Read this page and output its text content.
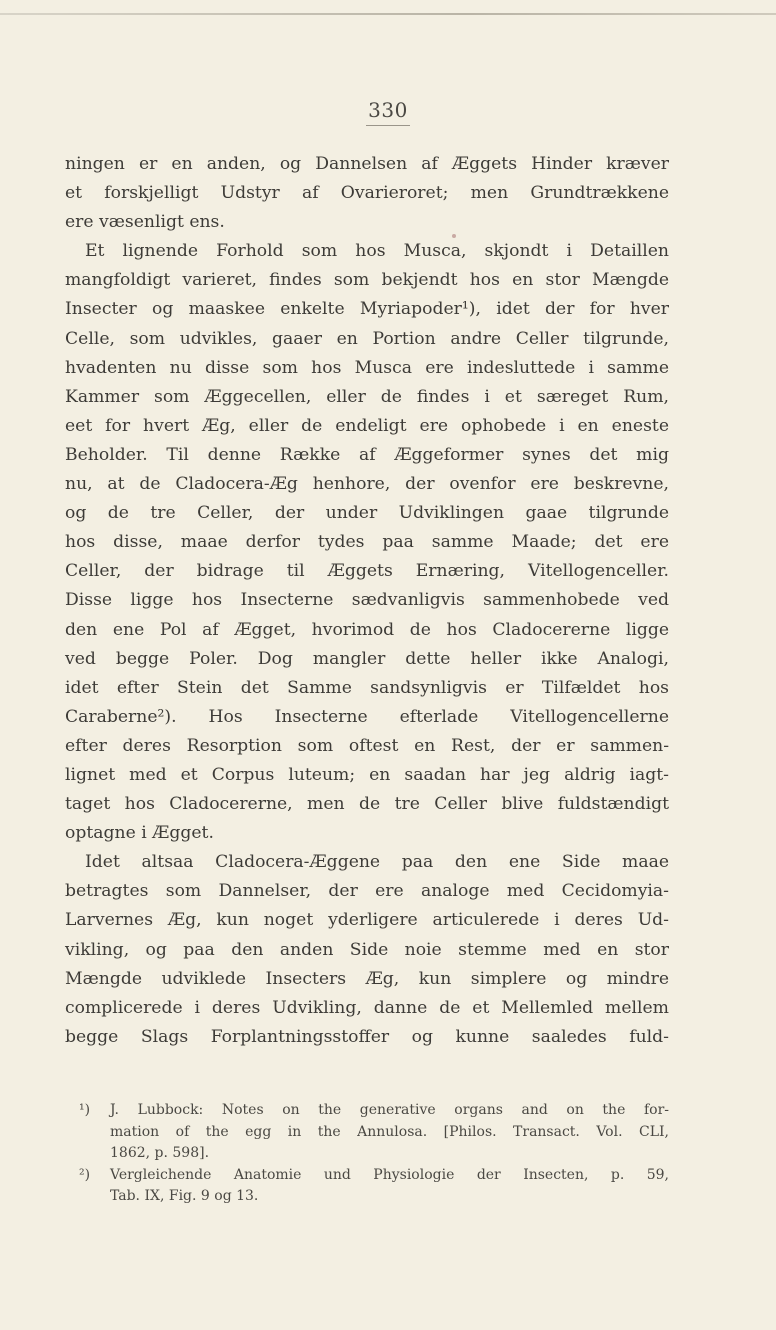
330
ningen er en anden, og Dannelsen af Æggets Hinder kræver
et forskjelligt Udstyr af Ovarieroret; men Grundtrækkene
ere væsenligt ens.
Et lignende Forhold som hos Musca, skjondt i Detaillen
mangfoldigt varieret, findes som bekjendt hos en stor Mængde
Insecter og maaskee enkelte Myriapoder¹), idet der for hver
Celle, som udvikles, gaaer en Portion andre Celler tilgrunde,
hvadenten nu disse som hos Musca ere indesluttede i samme
Kammer som Æggecellen, eller de findes i et særeget Rum,
eet for hvert Æg, eller de endeligt ere ophobede i en eneste
Beholder. Til denne Række af Æggeformer synes det mig
nu, at de Cladocera-Æg henhore, der ovenfor ere beskrevne,
og de tre Celler, der under Udviklingen gaae tilgrunde
hos disse, maae derfor tydes paa samme Maade; det ere
Celler, der bidrage til Æggets Ernæring, Vitellogenceller.
Disse ligge hos Insecterne sædvanligvis sammenhobede ved
den ene Pol af Ægget, hvorimod de hos Cladocererne ligge
ved begge Poler. Dog mangler dette heller ikke Analogi,
idet efter Stein det Samme sandsynligvis er Tilfældet hos
Caraberne²). Hos Insecterne efterlade Vitellogencellerne
efter deres Resorption som oftest en Rest, der er sammen-
lignet med et Corpus luteum; en saadan har jeg aldrig iagt-
taget hos Cladocererne, men de tre Celler blive fuldstændigt
optagne i Ægget.
Idet altsaa Cladocera-Æggene paa den ene Side maae
betragtes som Dannelser, der ere analoge med Cecidomyia-
Larvernes Æg, kun noget yderligere articulerede i deres Ud-
vikling, og paa den anden Side noie stemme med en stor
Mængde udviklede Insecters Æg, kun simplere og mindre
complicerede i deres Udvikling, danne de et Mellemled mellem
begge Slags Forplantningsstoffer og kunne saaledes fuld-
¹) J. Lubbock: Notes on the generative organs and on the for-
mation of the egg in the Annulosa. [Philos. Transact. Vol. CLI,
1862, p. 598].
²) Vergleichende Anatomie und Physiologie der Insecten, p. 59,
Tab. IX, Fig. 9 og 13.
